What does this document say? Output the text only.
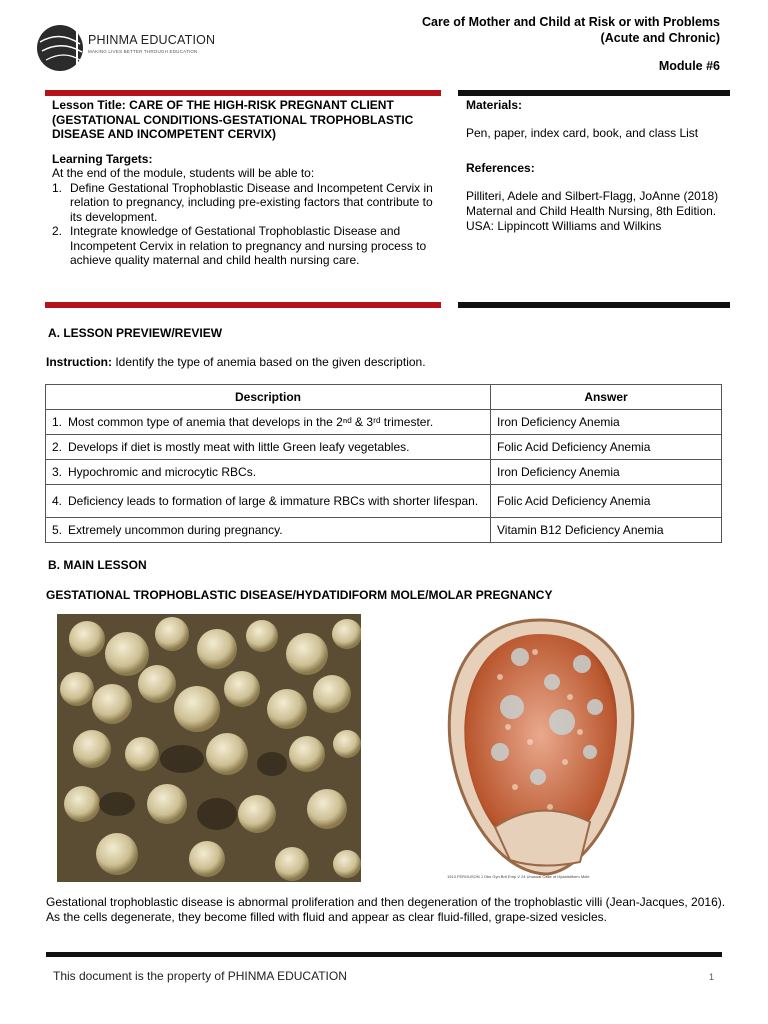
PHINMA EDUCATION
MAKING LIVES BETTER THROUGH EDUCATION
Care of Mother and Child at Risk or with Problems (Acute and Chronic)
Module #6
Lesson Title: CARE OF THE HIGH-RISK PREGNANT CLIENT (GESTATIONAL CONDITIONS-GESTATIONAL TROPHOBLASTIC DISEASE AND INCOMPETENT CERVIX)
Learning Targets:
At the end of the module, students will be able to:
1. Define Gestational Trophoblastic Disease and Incompetent Cervix in relation to pregnancy, including pre-existing factors that contribute to its development.
2. Integrate knowledge of Gestational Trophoblastic Disease and Incompetent Cervix in relation to pregnancy and nursing process to achieve quality maternal and child health nursing care.
Materials:
Pen, paper, index card, book, and class List
References:
Pilliteri, Adele and Silbert-Flagg, JoAnne (2018) Maternal and Child Health Nursing, 8th Edition. USA: Lippincott Williams and Wilkins
A. LESSON PREVIEW/REVIEW
Instruction: Identify the type of anemia based on the given description.
Description	Answer
1. Most common type of anemia that develops in the 2ⁿᵈ & 3ʳᵈ trimester.	Iron Deficiency Anemia
2. Develops if diet is mostly meat with little Green leafy vegetables.	Folic Acid Deficiency Anemia
3. Hypochromic and microcytic RBCs.	Iron Deficiency Anemia
4. Deficiency leads to formation of large & immature RBCs with shorter lifespan.	Folic Acid Deficiency Anemia
5. Extremely uncommon during pregnancy.	Vitamin B12 Deficiency Anemia
B. MAIN LESSON
GESTATIONAL TROPHOBLASTIC DISEASE/HYDATIDIFORM MOLE/MOLAR PREGNANCY
1913 FERGUSON J Obs Gyn Brit Emp V 24 Unusual Case of Hydatidiform Mole
Gestational trophoblastic disease is abnormal proliferation and then degeneration of the trophoblastic villi (Jean-Jacques, 2016). As the cells degenerate, they become filled with fluid and appear as clear fluid-filled, grape-sized vesicles.
This document is the property of PHINMA EDUCATION	1
